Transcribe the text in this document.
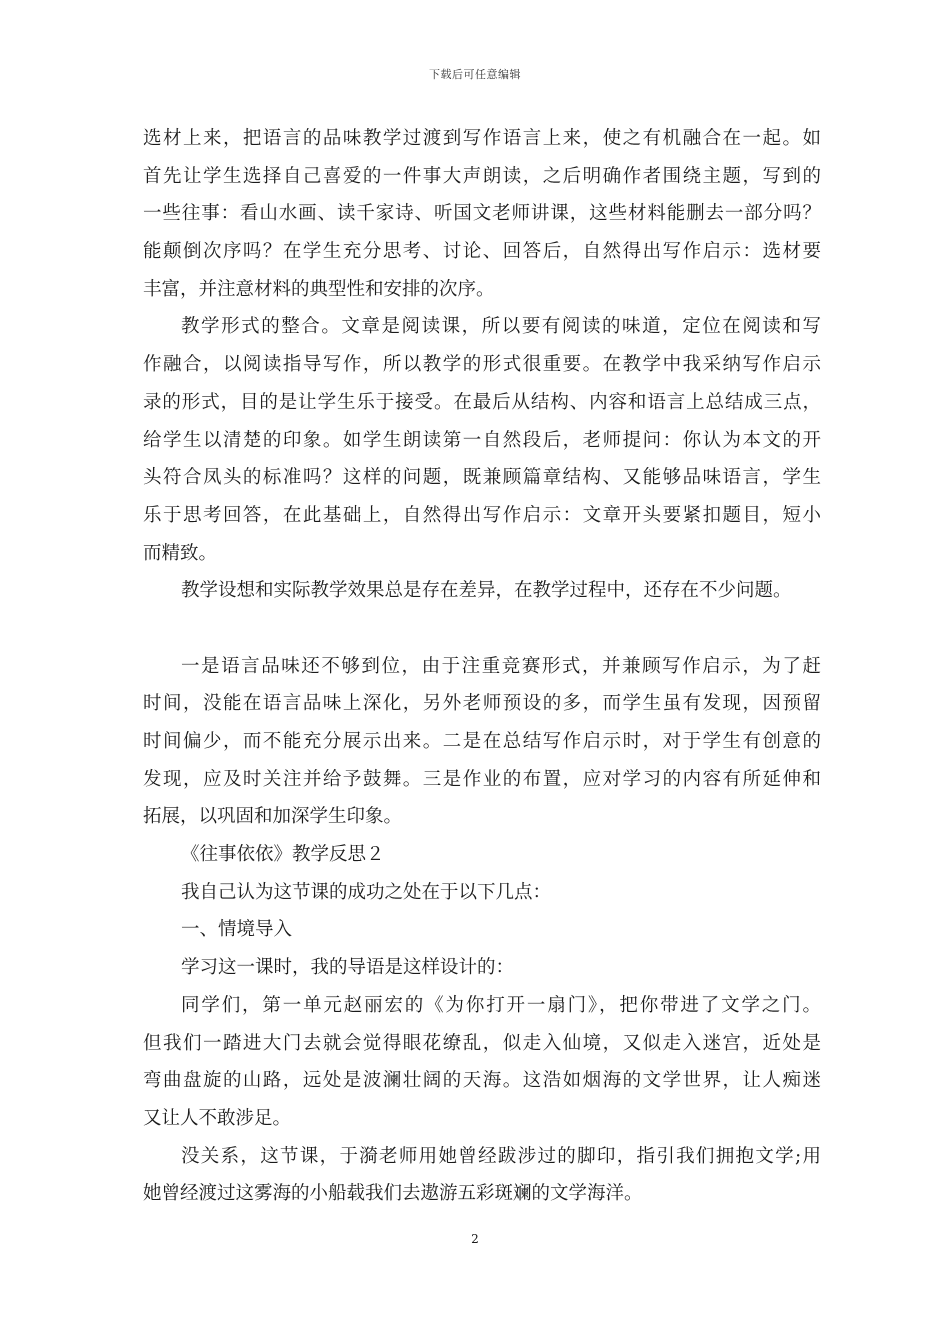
下载后可任意编辑
选材上来，把语言的品味教学过渡到写作语言上来，使之有机融合在一起。如
首先让学生选择自己喜爱的一件事大声朗读，之后明确作者围绕主题，写到的
一些往事：看山水画、读千家诗、听国文老师讲课，这些材料能删去一部分吗？
能颠倒次序吗？在学生充分思考、讨论、回答后，自然得出写作启示：选材要
丰富，并注意材料的典型性和安排的次序。
教学形式的整合。文章是阅读课，所以要有阅读的味道，定位在阅读和写
作融合，以阅读指导写作，所以教学的形式很重要。在教学中我采纳写作启示
录的形式，目的是让学生乐于接受。在最后从结构、内容和语言上总结成三点，
给学生以清楚的印象。如学生朗读第一自然段后，老师提问：你认为本文的开
头符合凤头的标准吗？这样的问题，既兼顾篇章结构、又能够品味语言，学生
乐于思考回答，在此基础上，自然得出写作启示：文章开头要紧扣题目，短小
而精致。
教学设想和实际教学效果总是存在差异，在教学过程中，还存在不少问题。
一是语言品味还不够到位，由于注重竞赛形式，并兼顾写作启示，为了赶
时间，没能在语言品味上深化，另外老师预设的多，而学生虽有发现，因预留
时间偏少，而不能充分展示出来。二是在总结写作启示时，对于学生有创意的
发现，应及时关注并给予鼓舞。三是作业的布置，应对学习的内容有所延伸和
拓展，以巩固和加深学生印象。
《往事依依》教学反思２
我自己认为这节课的成功之处在于以下几点：
一、情境导入
学习这一课时，我的导语是这样设计的：
同学们，第一单元赵丽宏的《为你打开一扇门》，把你带进了文学之门。
但我们一踏进大门去就会觉得眼花缭乱，似走入仙境，又似走入迷宫，近处是
弯曲盘旋的山路，远处是波澜壮阔的天海。这浩如烟海的文学世界，让人痴迷
又让人不敢涉足。
没关系，这节课，于漪老师用她曾经跋涉过的脚印，指引我们拥抱文学;用
她曾经渡过这雾海的小船载我们去遨游五彩斑斓的文学海洋。
2
